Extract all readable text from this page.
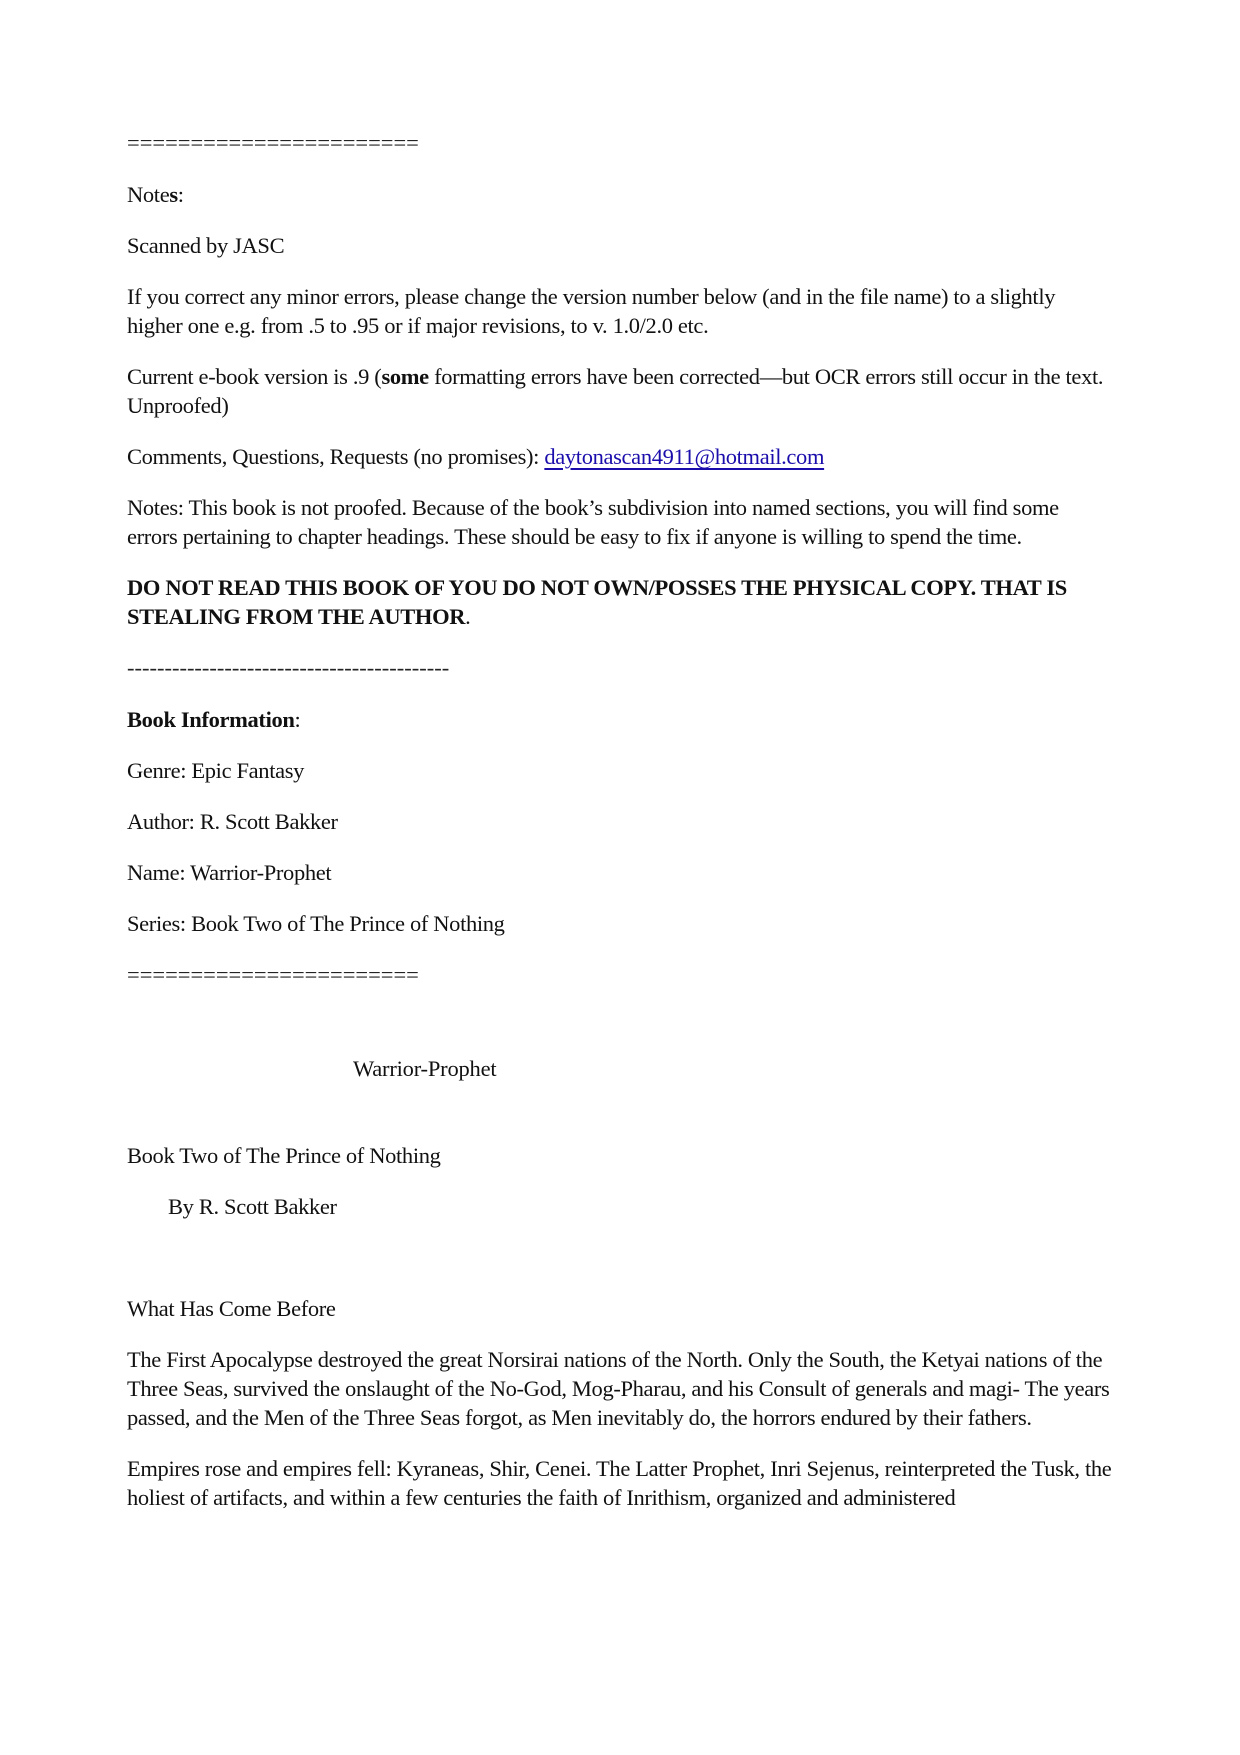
=======================
Notes:
Scanned by JASC
If you correct any minor errors, please change the version number below (and in the file name) to a slightly higher one e.g. from .5 to .95 or if major revisions, to v. 1.0/2.0 etc.
Current e-book version is .9 (some formatting errors have been corrected—but OCR errors still occur in the text. Unproofed)
Comments, Questions, Requests (no promises): daytonascan4911@hotmail.com
Notes: This book is not proofed. Because of the book’s subdivision into named sections, you will find some errors pertaining to chapter headings. These should be easy to fix if anyone is willing to spend the time.
DO NOT READ THIS BOOK OF YOU DO NOT OWN/POSSES THE PHYSICAL COPY. THAT IS STEALING FROM THE AUTHOR.
-------------------------------------------
Book Information:
Genre: Epic Fantasy
Author: R. Scott Bakker
Name: Warrior-Prophet
Series: Book Two of The Prince of Nothing
=======================
Warrior-Prophet
Book Two of The Prince of Nothing
By R. Scott Bakker
What Has Come Before
The First Apocalypse destroyed the great Norsirai nations of the North. Only the South, the Ketyai nations of the Three Seas, survived the onslaught of the No-God, Mog-Pharau, and his Consult of generals and magi- The years passed, and the Men of the Three Seas forgot, as Men inevitably do, the horrors endured by their fathers.
Empires rose and empires fell: Kyraneas, Shir, Cenei. The Latter Prophet, Inri Sejenus, reinterpreted the Tusk, the holiest of artifacts, and within a few centuries the faith of Inrithism, organized and administered
